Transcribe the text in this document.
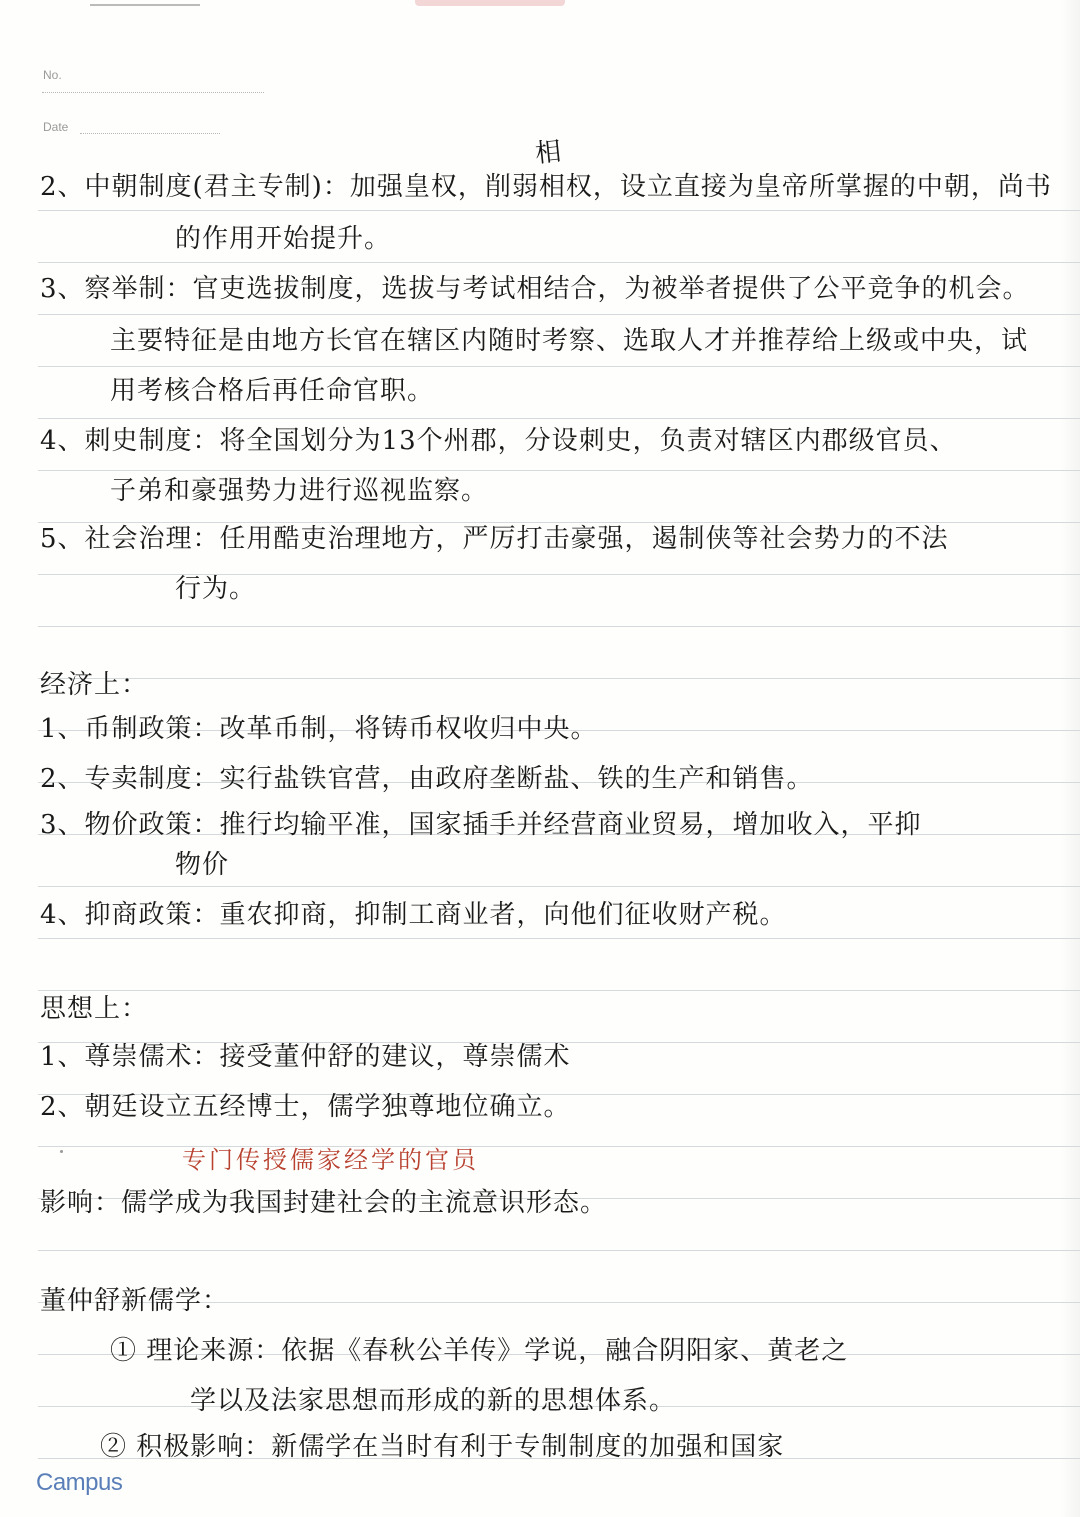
No.
Date
相
2、中朝制度(君主专制)：加强皇权，削弱相权，设立直接为皇帝所掌握的中朝，尚书
的作用开始提升。
3、察举制：官吏选拔制度，选拔与考试相结合，为被举者提供了公平竞争的机会。
主要特征是由地方长官在辖区内随时考察、选取人才并推荐给上级或中央，试
用考核合格后再任命官职。
4、刺史制度：将全国划分为13个州郡，分设刺史，负责对辖区内郡级官员、
子弟和豪强势力进行巡视监察。
5、社会治理：任用酷吏治理地方，严厉打击豪强，遏制侠等社会势力的不法
行为。
经济上：
1、币制政策：改革币制，将铸币权收归中央。
2、专卖制度：实行盐铁官营，由政府垄断盐、铁的生产和销售。
3、物价政策：推行均输平准，国家插手并经营商业贸易，增加收入，平抑
物价
4、抑商政策：重农抑商，抑制工商业者，向他们征收财产税。
思想上：
1、尊崇儒术：接受董仲舒的建议，尊崇儒术
2、朝廷设立五经博士，儒学独尊地位确立。
专门传授儒家经学的官员
影响：儒学成为我国封建社会的主流意识形态。
董仲舒新儒学：
① 理论来源：依据《春秋公羊传》学说，融合阴阳家、黄老之
学以及法家思想而形成的新的思想体系。
② 积极影响：新儒学在当时有利于专制制度的加强和国家
Campus
